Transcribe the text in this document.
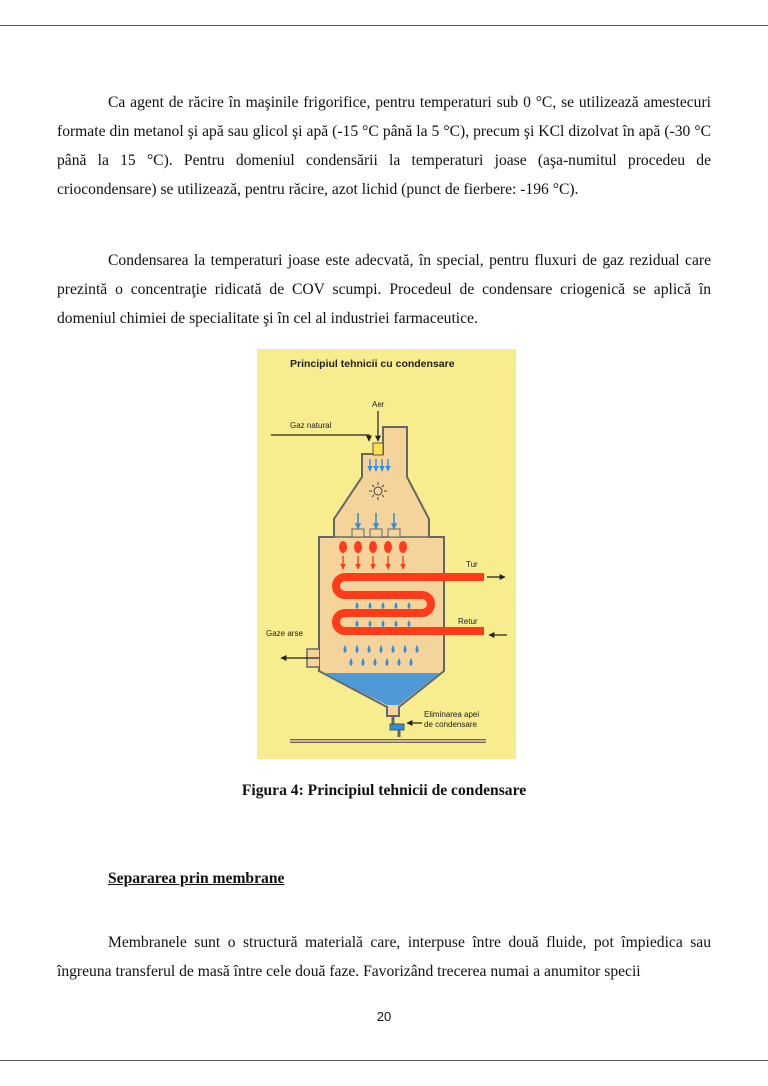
Ca agent de răcire în maşinile frigorifice, pentru temperaturi sub 0 °C, se utilizează amestecuri formate din metanol şi apă sau glicol şi apă (-15 °C până la 5 °C), precum şi KCl dizolvat în apă (-30 °C până la 15 °C). Pentru domeniul condensării la temperaturi joase (aşa-numitul procedeu de criocondensare) se utilizează, pentru răcire, azot lichid (punct de fierbere: -196 °C).

Condensarea la temperaturi joase este adecvată, în special, pentru fluxuri de gaz rezidual care prezintă o concentraţie ridicată de COV scumpi. Procedeul de condensare criogenică se aplică în domeniul chimiei de specialitate şi în cel al industriei farmaceutice.

Principiul tehnicii cu condensare
Aer
Gaz natural
Tur
Retur
Gaze arse
Eliminarea apei
de condensare
Figura 4: Principiul tehnicii de condensare
Separarea prin membrane

Membranele sunt o structură materială care, interpuse între două fluide, pot împiedica sau îngreuna transferul de masă între cele două faze. Favorizând trecerea numai a anumitor specii

20
